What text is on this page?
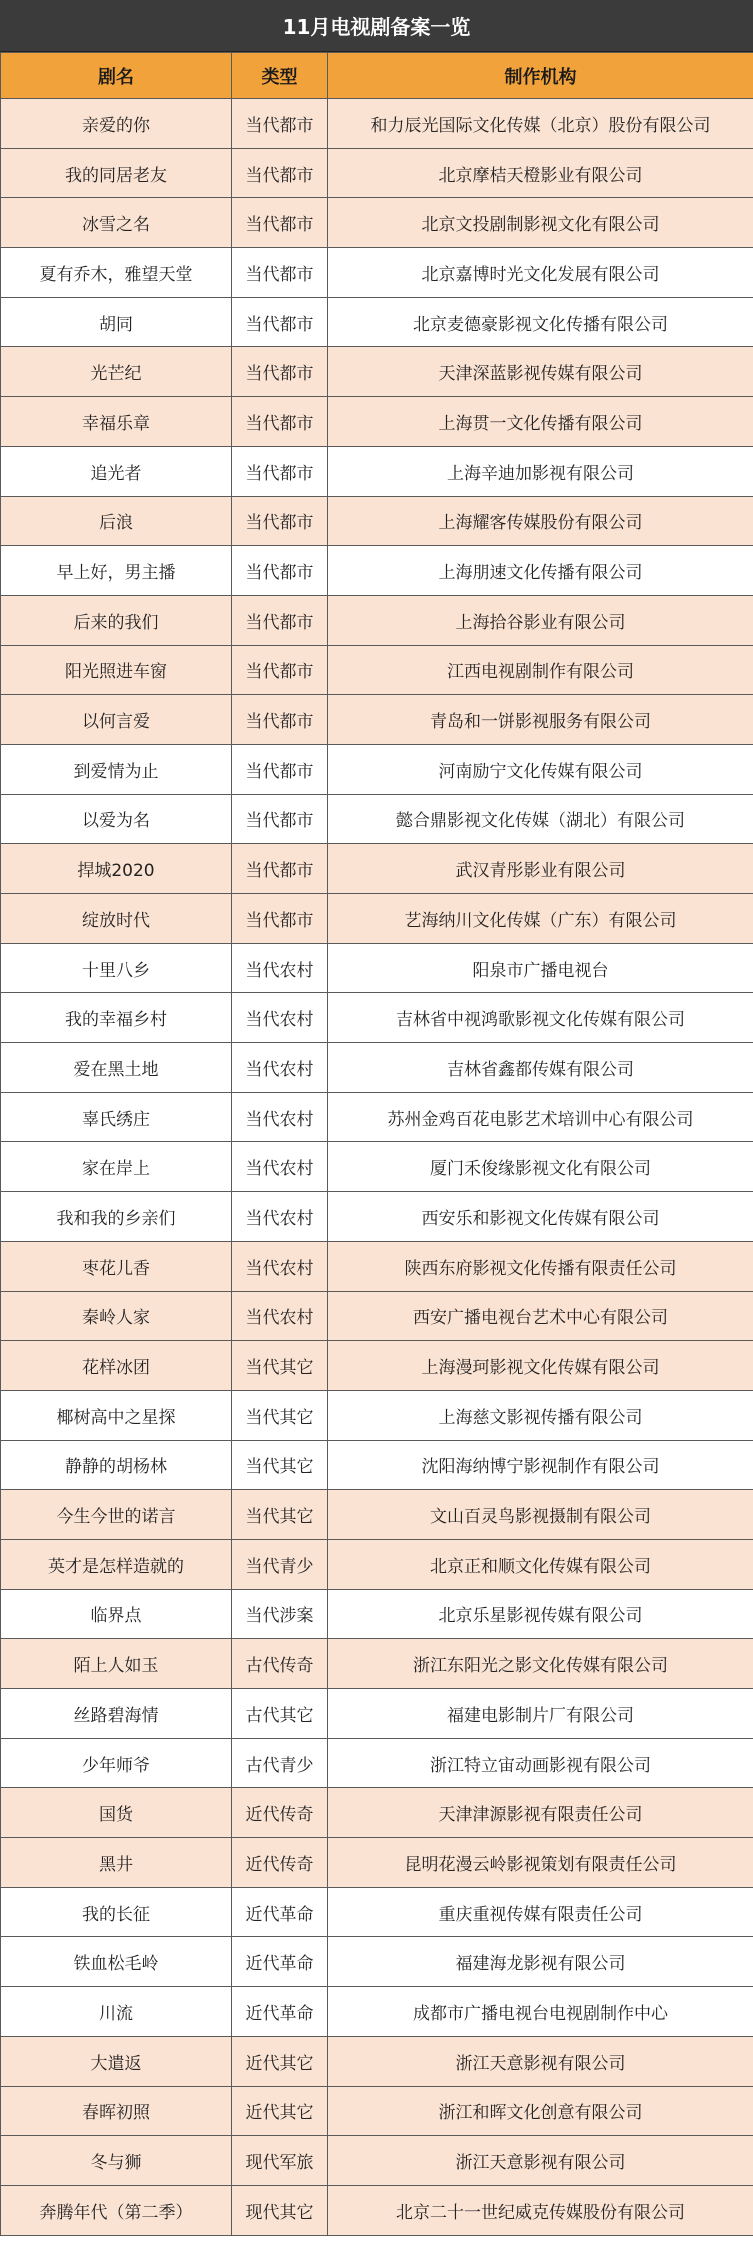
11月电视剧备案一览
剧名	类型	制作机构
亲爱的你	当代都市	和力辰光国际文化传媒（北京）股份有限公司
我的同居老友	当代都市	北京摩桔天橙影业有限公司
冰雪之名	当代都市	北京文投剧制影视文化有限公司
夏有乔木，雅望天堂	当代都市	北京嘉博时光文化发展有限公司
胡同	当代都市	北京麦德豪影视文化传播有限公司
光芒纪	当代都市	天津深蓝影视传媒有限公司
幸福乐章	当代都市	上海贯一文化传播有限公司
追光者	当代都市	上海辛迪加影视有限公司
后浪	当代都市	上海耀客传媒股份有限公司
早上好，男主播	当代都市	上海朋速文化传播有限公司
后来的我们	当代都市	上海拾谷影业有限公司
阳光照进车窗	当代都市	江西电视剧制作有限公司
以何言爱	当代都市	青岛和一饼影视服务有限公司
到爱情为止	当代都市	河南励宁文化传媒有限公司
以爱为名	当代都市	懿合鼎影视文化传媒（湖北）有限公司
捍城2020	当代都市	武汉青彤影业有限公司
绽放时代	当代都市	艺海纳川文化传媒（广东）有限公司
十里八乡	当代农村	阳泉市广播电视台
我的幸福乡村	当代农村	吉林省中视鸿歌影视文化传媒有限公司
爱在黑土地	当代农村	吉林省鑫都传媒有限公司
辜氏绣庄	当代农村	苏州金鸡百花电影艺术培训中心有限公司
家在岸上	当代农村	厦门禾俊缘影视文化有限公司
我和我的乡亲们	当代农村	西安乐和影视文化传媒有限公司
枣花儿香	当代农村	陕西东府影视文化传播有限责任公司
秦岭人家	当代农村	西安广播电视台艺术中心有限公司
花样冰团	当代其它	上海漫珂影视文化传媒有限公司
椰树高中之星探	当代其它	上海慈文影视传播有限公司
静静的胡杨林	当代其它	沈阳海纳博宁影视制作有限公司
今生今世的诺言	当代其它	文山百灵鸟影视摄制有限公司
英才是怎样造就的	当代青少	北京正和顺文化传媒有限公司
临界点	当代涉案	北京乐星影视传媒有限公司
陌上人如玉	古代传奇	浙江东阳光之影文化传媒有限公司
丝路碧海情	古代其它	福建电影制片厂有限公司
少年师爷	古代青少	浙江特立宙动画影视有限公司
国货	近代传奇	天津津源影视有限责任公司
黑井	近代传奇	昆明花漫云岭影视策划有限责任公司
我的长征	近代革命	重庆重视传媒有限责任公司
铁血松毛岭	近代革命	福建海龙影视有限公司
川流	近代革命	成都市广播电视台电视剧制作中心
大遣返	近代其它	浙江天意影视有限公司
春晖初照	近代其它	浙江和晖文化创意有限公司
冬与狮	现代军旅	浙江天意影视有限公司
奔腾年代（第二季）	现代其它	北京二十一世纪威克传媒股份有限公司
